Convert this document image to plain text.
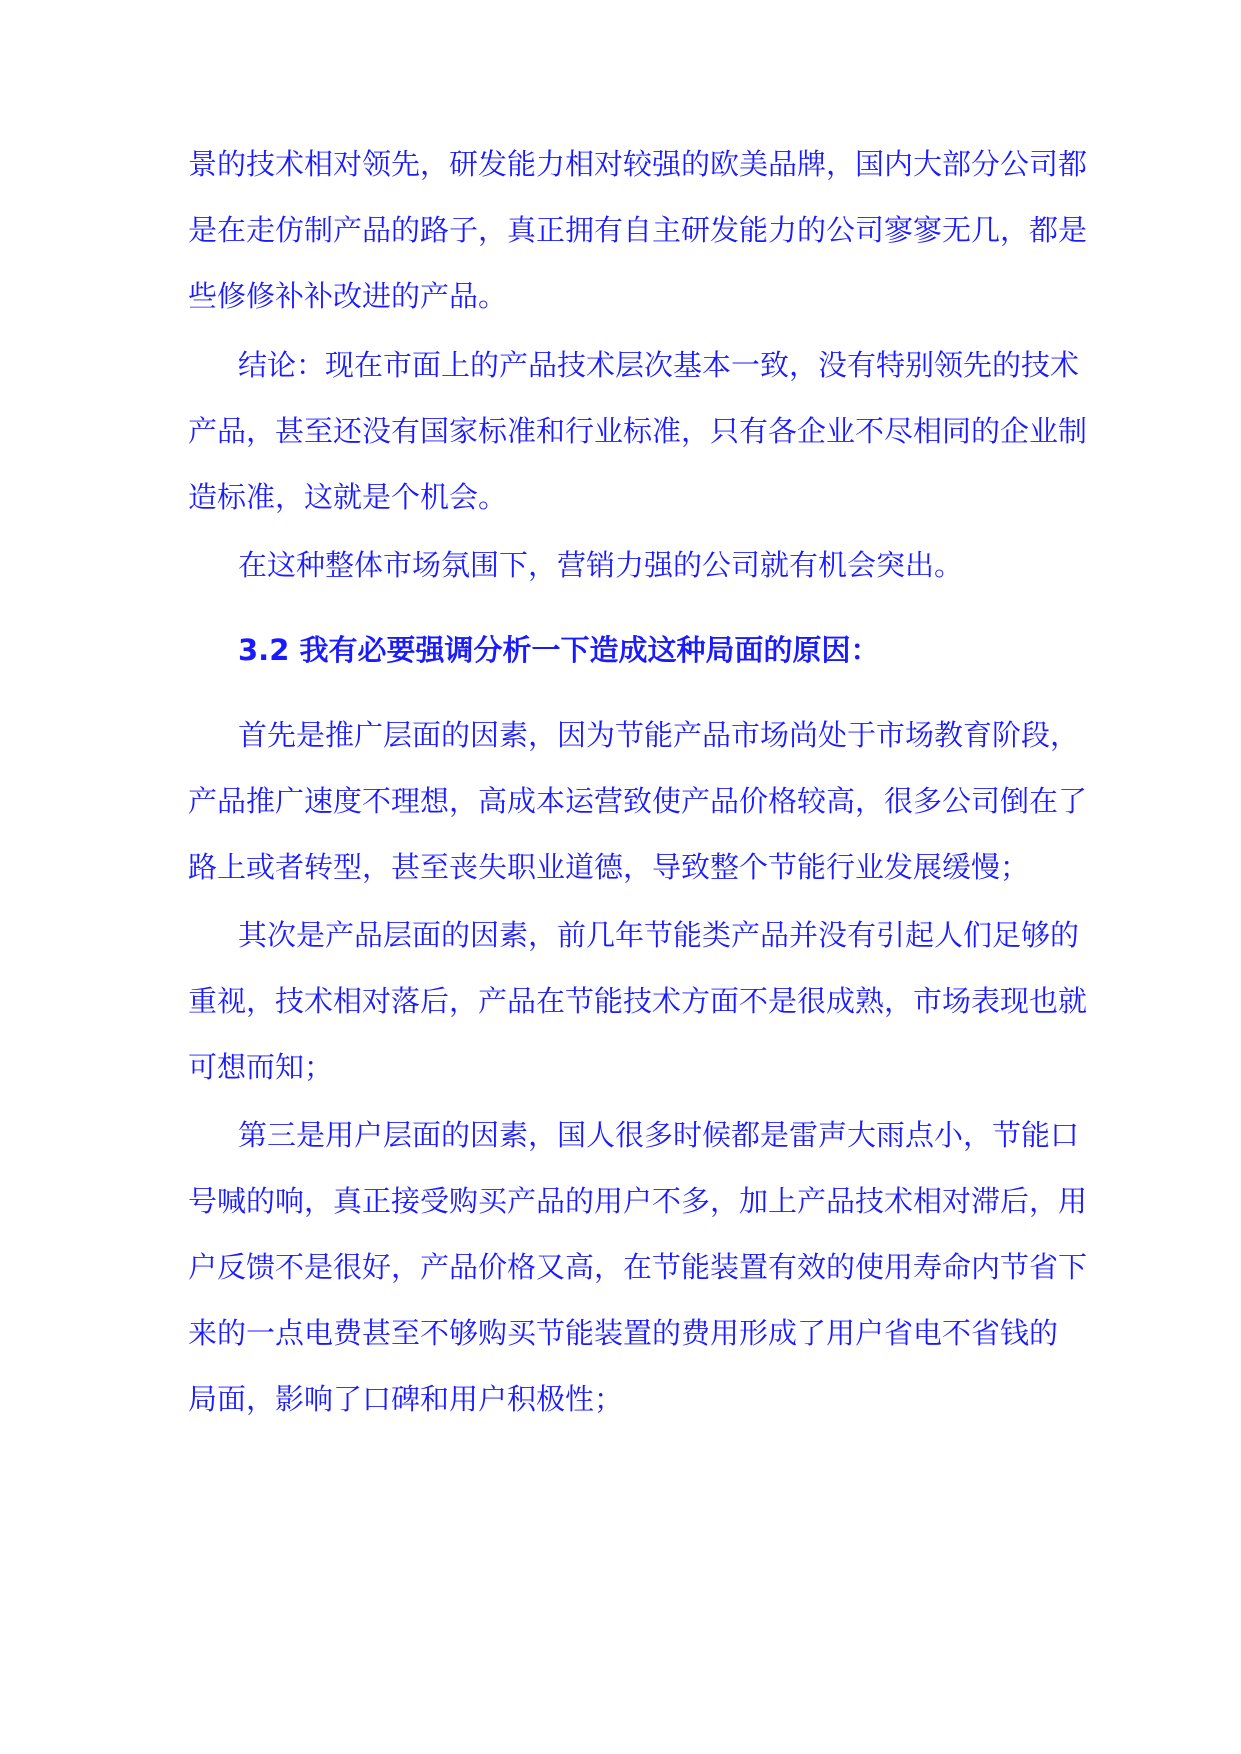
景的技术相对领先，研发能力相对较强的欧美品牌，国内大部分公司都
是在走仿制产品的路子，真正拥有自主研发能力的公司寥寥无几，都是
些修修补补改进的产品。
结论：现在市面上的产品技术层次基本一致，没有特别领先的技术
产品，甚至还没有国家标准和行业标准，只有各企业不尽相同的企业制
造标准，这就是个机会。
在这种整体市场氛围下，营销力强的公司就有机会突出。
3.2 我有必要强调分析一下造成这种局面的原因：
首先是推广层面的因素，因为节能产品市场尚处于市场教育阶段，
产品推广速度不理想，高成本运营致使产品价格较高，很多公司倒在了
路上或者转型，甚至丧失职业道德，导致整个节能行业发展缓慢；
其次是产品层面的因素，前几年节能类产品并没有引起人们足够的
重视，技术相对落后，产品在节能技术方面不是很成熟，市场表现也就
可想而知；
第三是用户层面的因素，国人很多时候都是雷声大雨点小，节能口
号喊的响，真正接受购买产品的用户不多，加上产品技术相对滞后，用
户反馈不是很好，产品价格又高，在节能装置有效的使用寿命内节省下
来的一点电费甚至不够购买节能装置的费用形成了用户省电不省钱的
局面，影响了口碑和用户积极性；
